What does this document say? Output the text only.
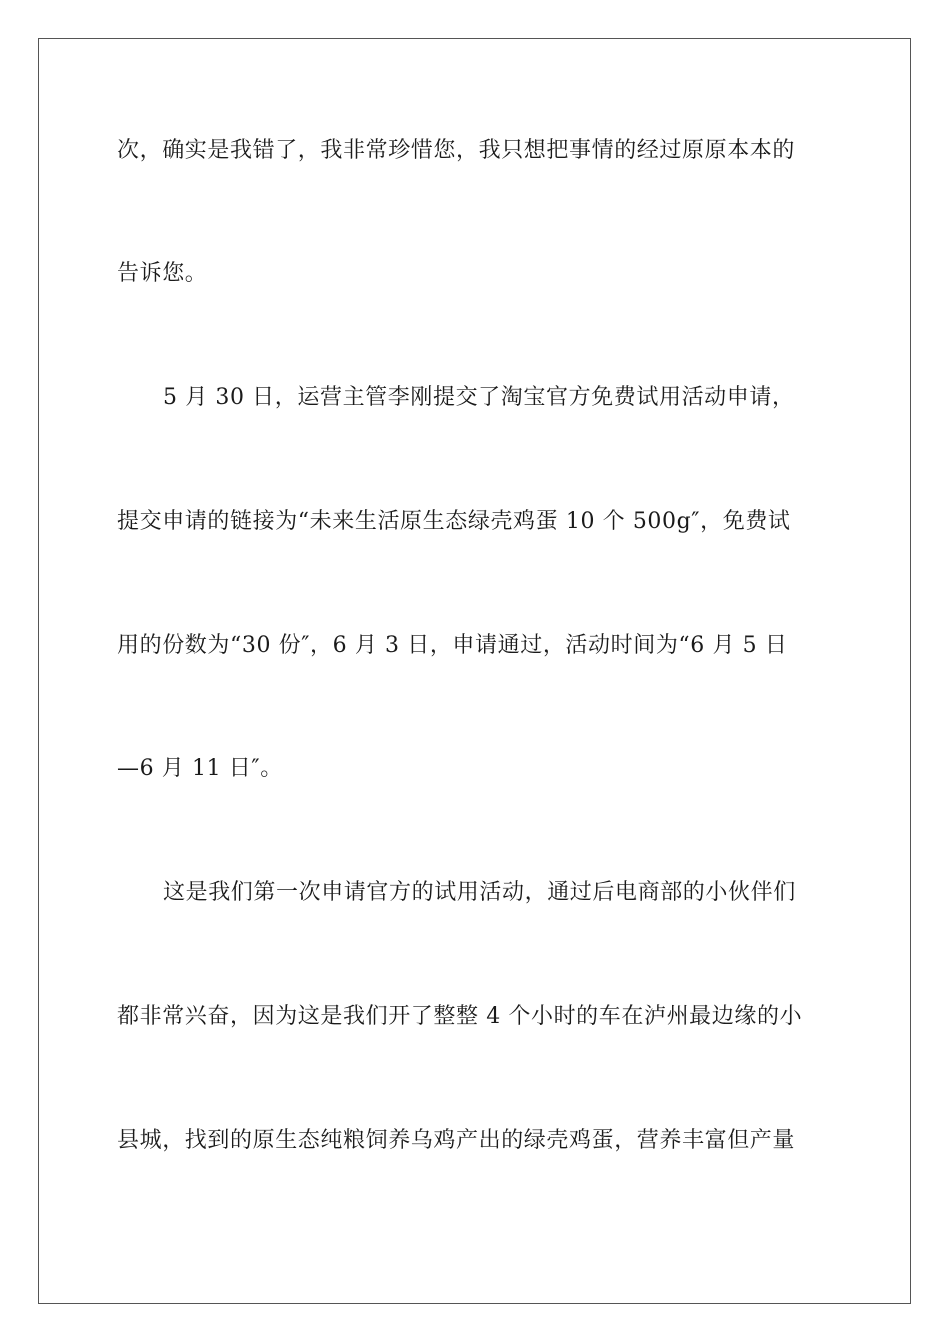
次，确实是我错了，我非常珍惜您，我只想把事情的经过原原本本的
告诉您。
5 月 30 日，运营主管李刚提交了淘宝官方免费试用活动申请，
提交申请的链接为“未来生活原生态绿壳鸡蛋 10 个 500g″，免费试
用的份数为“30 份″，6 月 3 日，申请通过，活动时间为“6 月 5 日
—6 月 11 日″。
这是我们第一次申请官方的试用活动，通过后电商部的小伙伴们
都非常兴奋，因为这是我们开了整整 4 个小时的车在泸州最边缘的小
县城，找到的原生态纯粮饲养乌鸡产出的绿壳鸡蛋，营养丰富但产量
